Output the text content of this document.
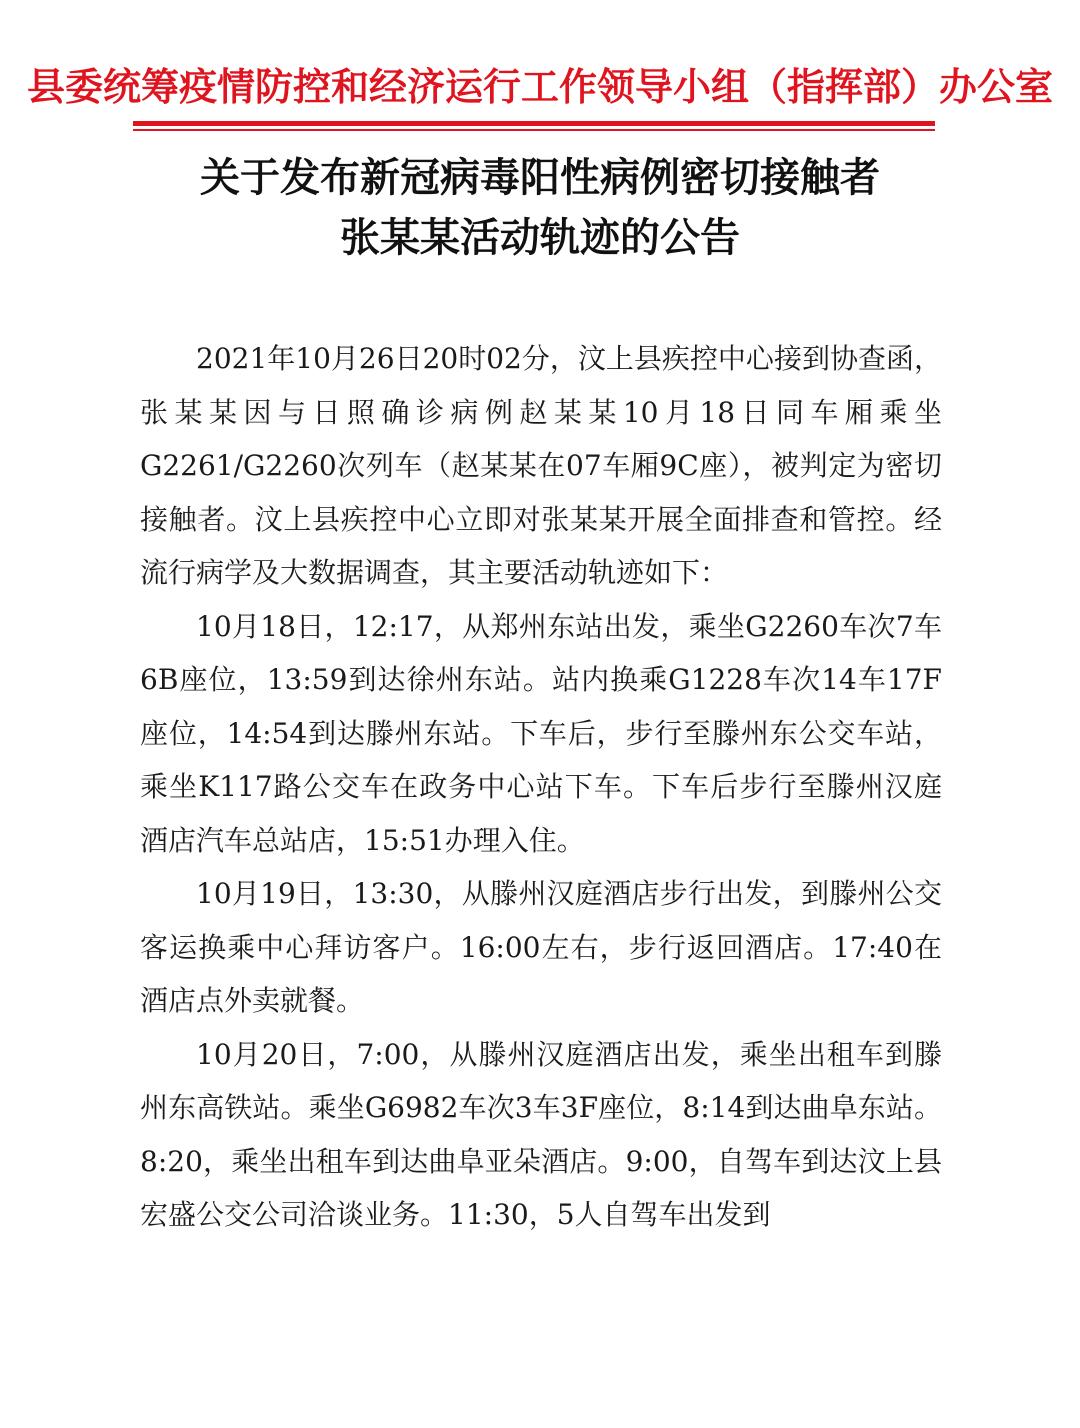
县委统筹疫情防控和经济运行工作领导小组（指挥部）办公室
关于发布新冠病毒阳性病例密切接触者
张某某活动轨迹的公告

2021年10月26日20时02分，汶上县疾控中心接到协查函，张某某因与日照确诊病例赵某某10月18日同车厢乘坐G2261/G2260次列车（赵某某在07车厢9C座），被判定为密切接触者。汶上县疾控中心立即对张某某开展全面排查和管控。经流行病学及大数据调查，其主要活动轨迹如下：

10月18日，12:17，从郑州东站出发，乘坐G2260车次7车6B座位，13:59到达徐州东站。站内换乘G1228车次14车17F座位，14:54到达滕州东站。下车后，步行至滕州东公交车站，乘坐K117路公交车在政务中心站下车。下车后步行至滕州汉庭酒店汽车总站店，15:51办理入住。

10月19日，13:30，从滕州汉庭酒店步行出发，到滕州公交客运换乘中心拜访客户。16:00左右，步行返回酒店。17:40在酒店点外卖就餐。

10月20日，7:00，从滕州汉庭酒店出发，乘坐出租车到滕州东高铁站。乘坐G6982车次3车3F座位，8:14到达曲阜东站。8:20，乘坐出租车到达曲阜亚朵酒店。9:00，自驾车到达汶上县宏盛公交公司洽谈业务。11:30，5人自驾车出发到
